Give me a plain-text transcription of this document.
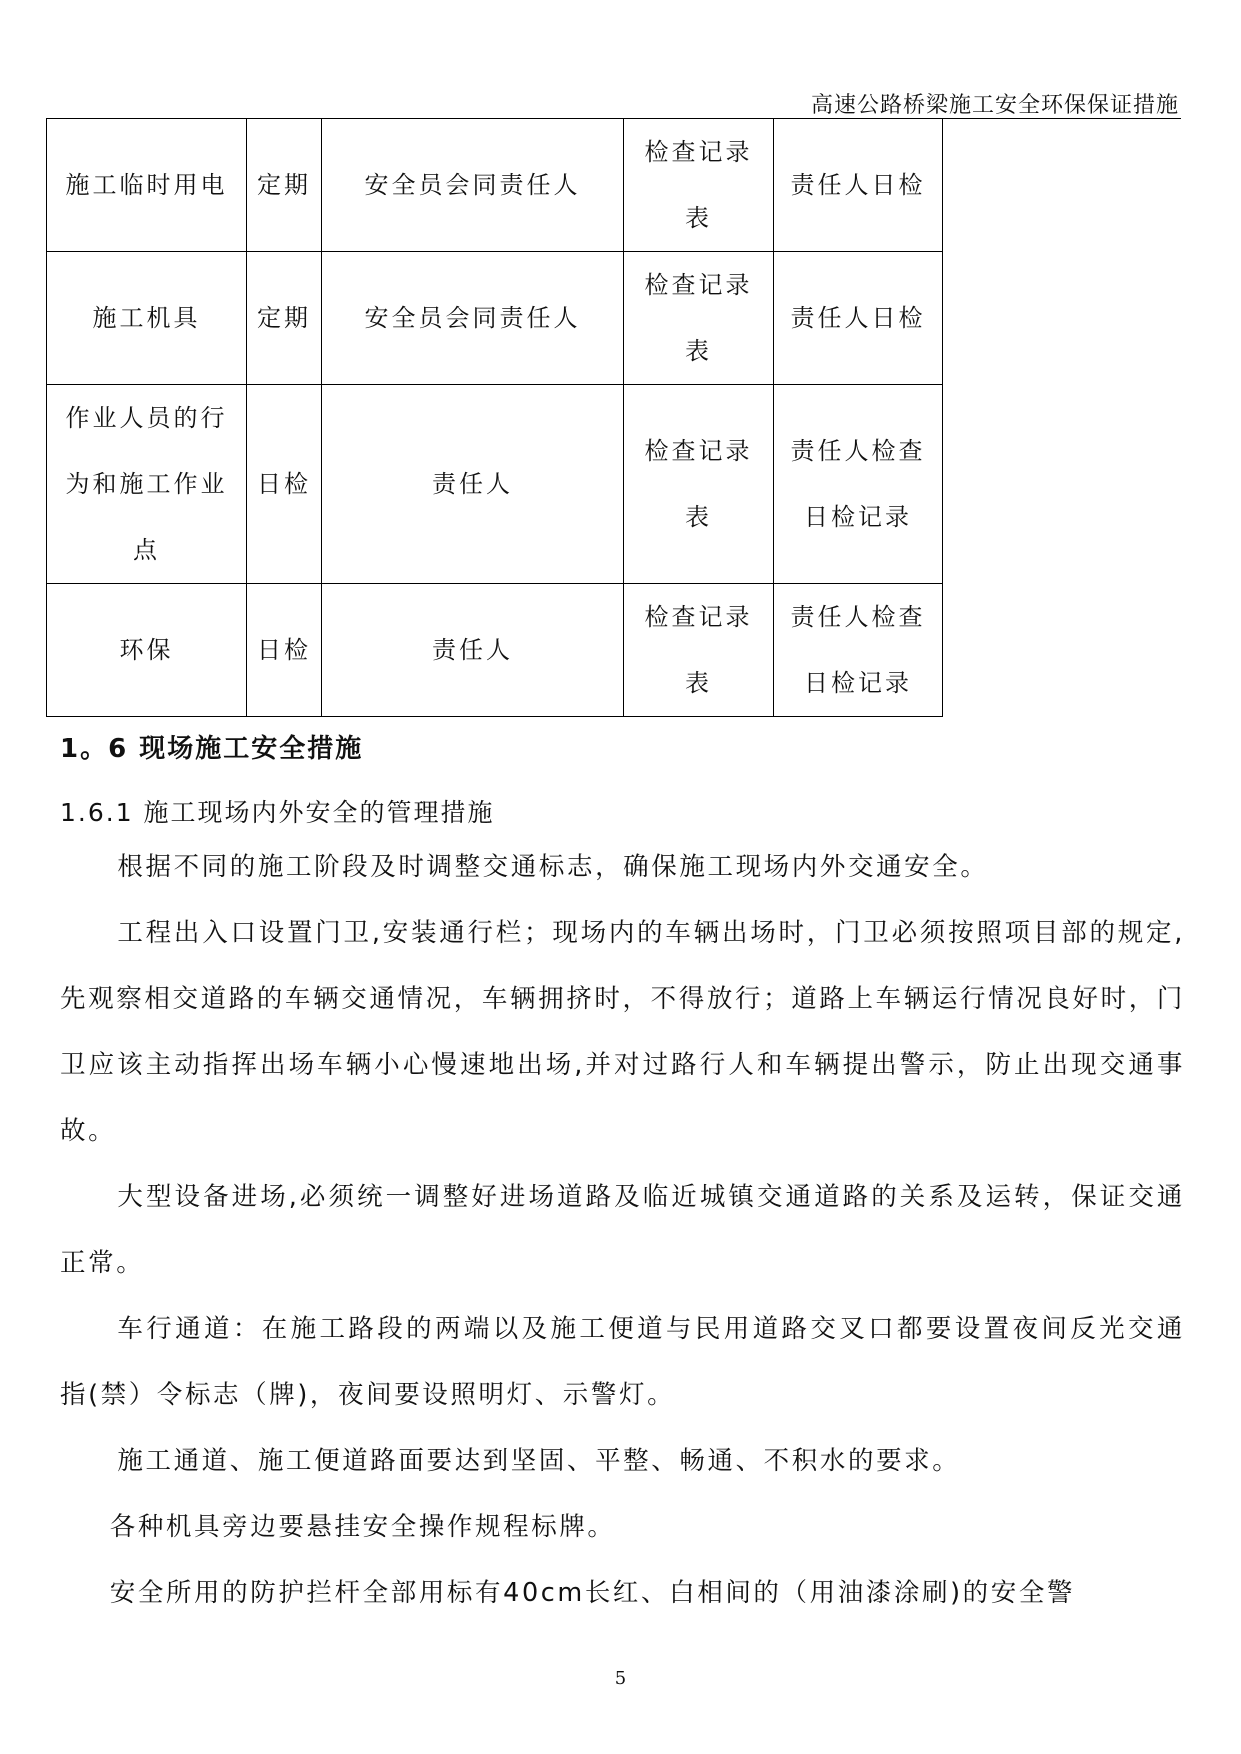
高速公路桥梁施工安全环保保证措施
施工临时用电	定期	安全员会同责任人	检查记录表	责任人日检
施工机具	定期	安全员会同责任人	检查记录表	责任人日检
作业人员的行为和施工作业点	日检	责任人	检查记录表	责任人检查日检记录
环保	日检	责任人	检查记录表	责任人检查日检记录
1。6 现场施工安全措施
1.6.1 施工现场内外安全的管理措施

根据不同的施工阶段及时调整交通标志，确保施工现场内外交通安全。

工程出入口设置门卫,安装通行栏；现场内的车辆出场时，门卫必须按照项目部的规定,先观察相交道路的车辆交通情况，车辆拥挤时，不得放行；道路上车辆运行情况良好时，门卫应该主动指挥出场车辆小心慢速地出场,并对过路行人和车辆提出警示，防止出现交通事故。

大型设备进场,必须统一调整好进场道路及临近城镇交通道路的关系及运转，保证交通正常。

车行通道：在施工路段的两端以及施工便道与民用道路交叉口都要设置夜间反光交通指(禁）令标志（牌)，夜间要设照明灯、示警灯。

施工通道、施工便道路面要达到坚固、平整、畅通、不积水的要求。

各种机具旁边要悬挂安全操作规程标牌。

安全所用的防护拦杆全部用标有40cm长红、白相间的（用油漆涂刷)的安全警

5
